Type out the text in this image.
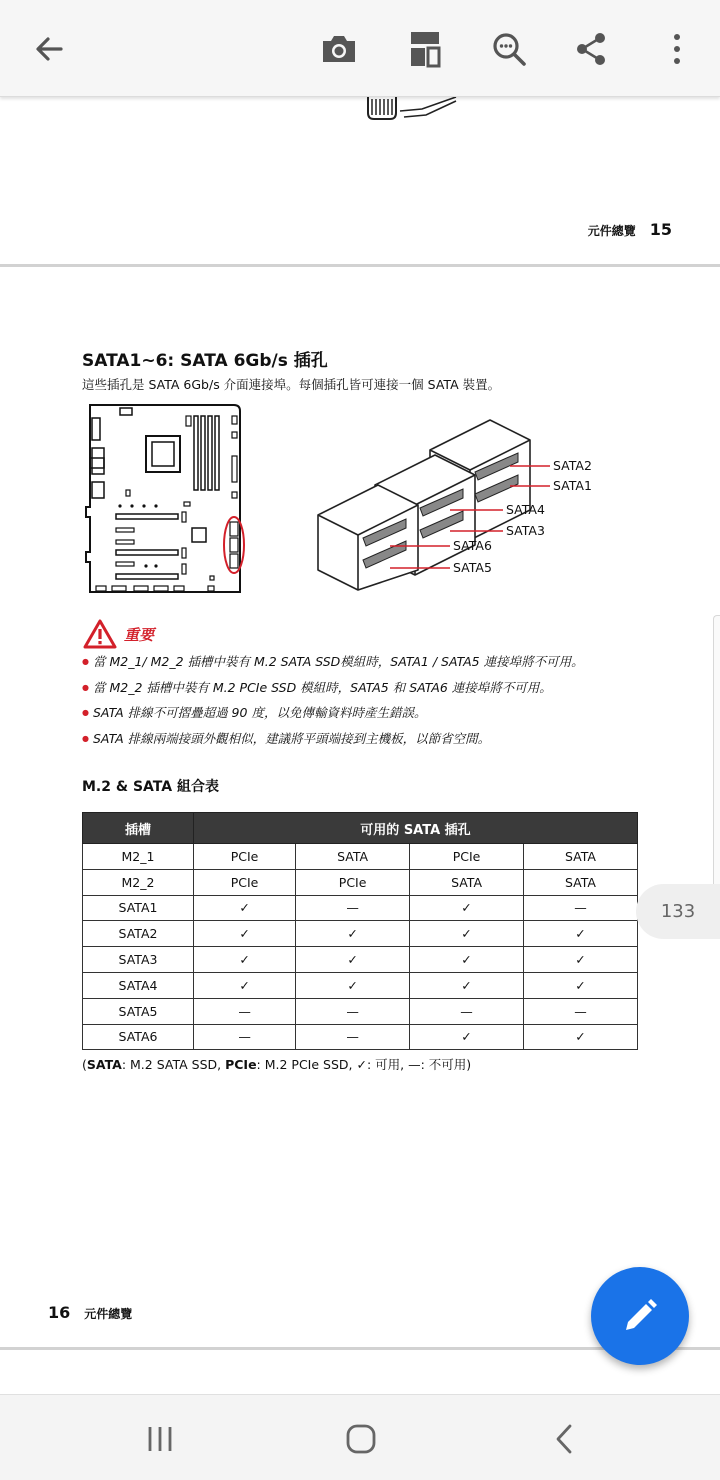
元件總覽 15
SATA1~6: SATA 6Gb/s 插孔
這些插孔是 SATA 6Gb/s 介面連接埠。每個插孔皆可連接一個 SATA 裝置。
SATA2
SATA1
SATA4
SATA3
SATA6
SATA5
重要
● 當 M2_1/ M2_2 插槽中裝有 M.2 SATA SSD模組時，SATA1 / SATA5 連接埠將不可用。
● 當 M2_2 插槽中裝有 M.2 PCIe SSD 模組時，SATA5 和 SATA6 連接埠將不可用。
● SATA 排線不可摺疊超過 90 度，以免傳輸資料時產生錯誤。
● SATA 排線兩端接頭外觀相似，建議將平頭端接到主機板，以節省空間。
M.2 & SATA 組合表
插槽	可用的 SATA 插孔			
M2_1	PCIe	SATA	PCIe	SATA
M2_2	PCIe	PCIe	SATA	SATA
SATA1	✓	—	✓	—
SATA2	✓	✓	✓	✓
SATA3	✓	✓	✓	✓
SATA4	✓	✓	✓	✓
SATA5	—	—	—	—
SATA6	—	—	✓	✓
(SATA: M.2 SATA SSD, PCIe: M.2 PCIe SSD, ✓: 可用, —: 不可用)
16 元件總覽
133
